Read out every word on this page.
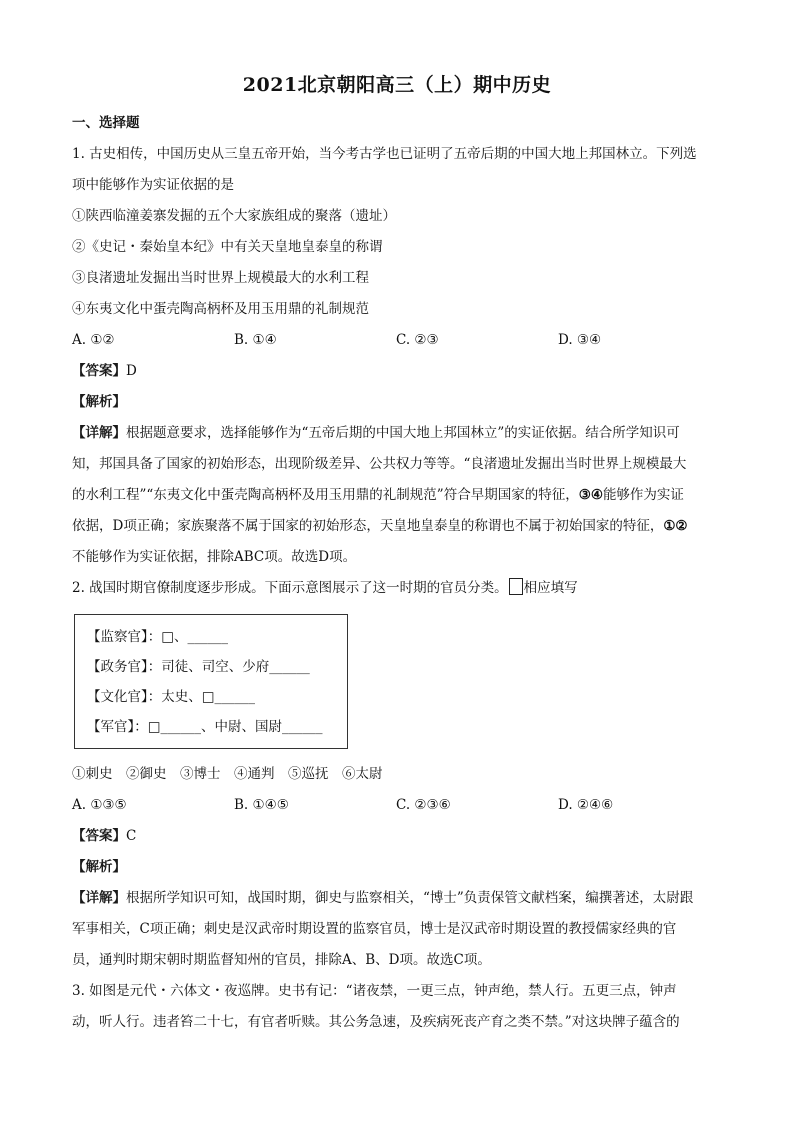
2021北京朝阳高三（上）期中历史
一、选择题
1. 古史相传，中国历史从三皇五帝开始，当今考古学也已证明了五帝后期的中国大地上邦国林立。下列选
项中能够作为实证依据的是
①陕西临潼姜寨发掘的五个大家族组成的聚落（遗址）
②《史记・秦始皇本纪》中有关天皇地皇泰皇的称谓
③良渚遗址发掘出当时世界上规模最大的水利工程
④东夷文化中蛋壳陶高柄杯及用玉用鼎的礼制规范
A. ①②	B. ①④	C. ②③	D. ③④
【答案】D
【解析】
【详解】根据题意要求，选择能够作为“五帝后期的中国大地上邦国林立”的实证依据。结合所学知识可
知，邦国具备了国家的初始形态，出现阶级差异、公共权力等等。“良渚遗址发掘出当时世界上规模最大
的水利工程”“东夷文化中蛋壳陶高柄杯及用玉用鼎的礼制规范”符合早期国家的特征，③④能够作为实证
依据，D项正确；家族聚落不属于国家的初始形态，天皇地皇泰皇的称谓也不属于初始国家的特征，①②
不能够作为实证依据，排除ABC项。故选D项。
2. 战国时期官僚制度逐步形成。下面示意图展示了这一时期的官员分类。 相应填写
【监察官】：□、______
【政务官】：司徒、司空、少府______
【文化官】：太史、□______
【军官】：□______、中尉、国尉______
①刺史　②御史　③博士　④通判　⑤巡抚　⑥太尉
A. ①③⑤	B. ①④⑤	C. ②③⑥	D. ②④⑥
【答案】C
【解析】
【详解】根据所学知识可知，战国时期，御史与监察相关，“博士”负责保管文献档案，编撰著述，太尉跟
军事相关，C项正确；刺史是汉武帝时期设置的监察官员，博士是汉武帝时期设置的教授儒家经典的官
员，通判时期宋朝时期监督知州的官员，排除A、B、D项。故选C项。
3. 如图是元代・六体文・夜巡牌。史书有记：“诸夜禁，一更三点，钟声绝，禁人行。五更三点，钟声
动，听人行。违者笞二十七，有官者听赎。其公务急速，及疾病死丧产育之类不禁。”对这块牌子蕴含的
